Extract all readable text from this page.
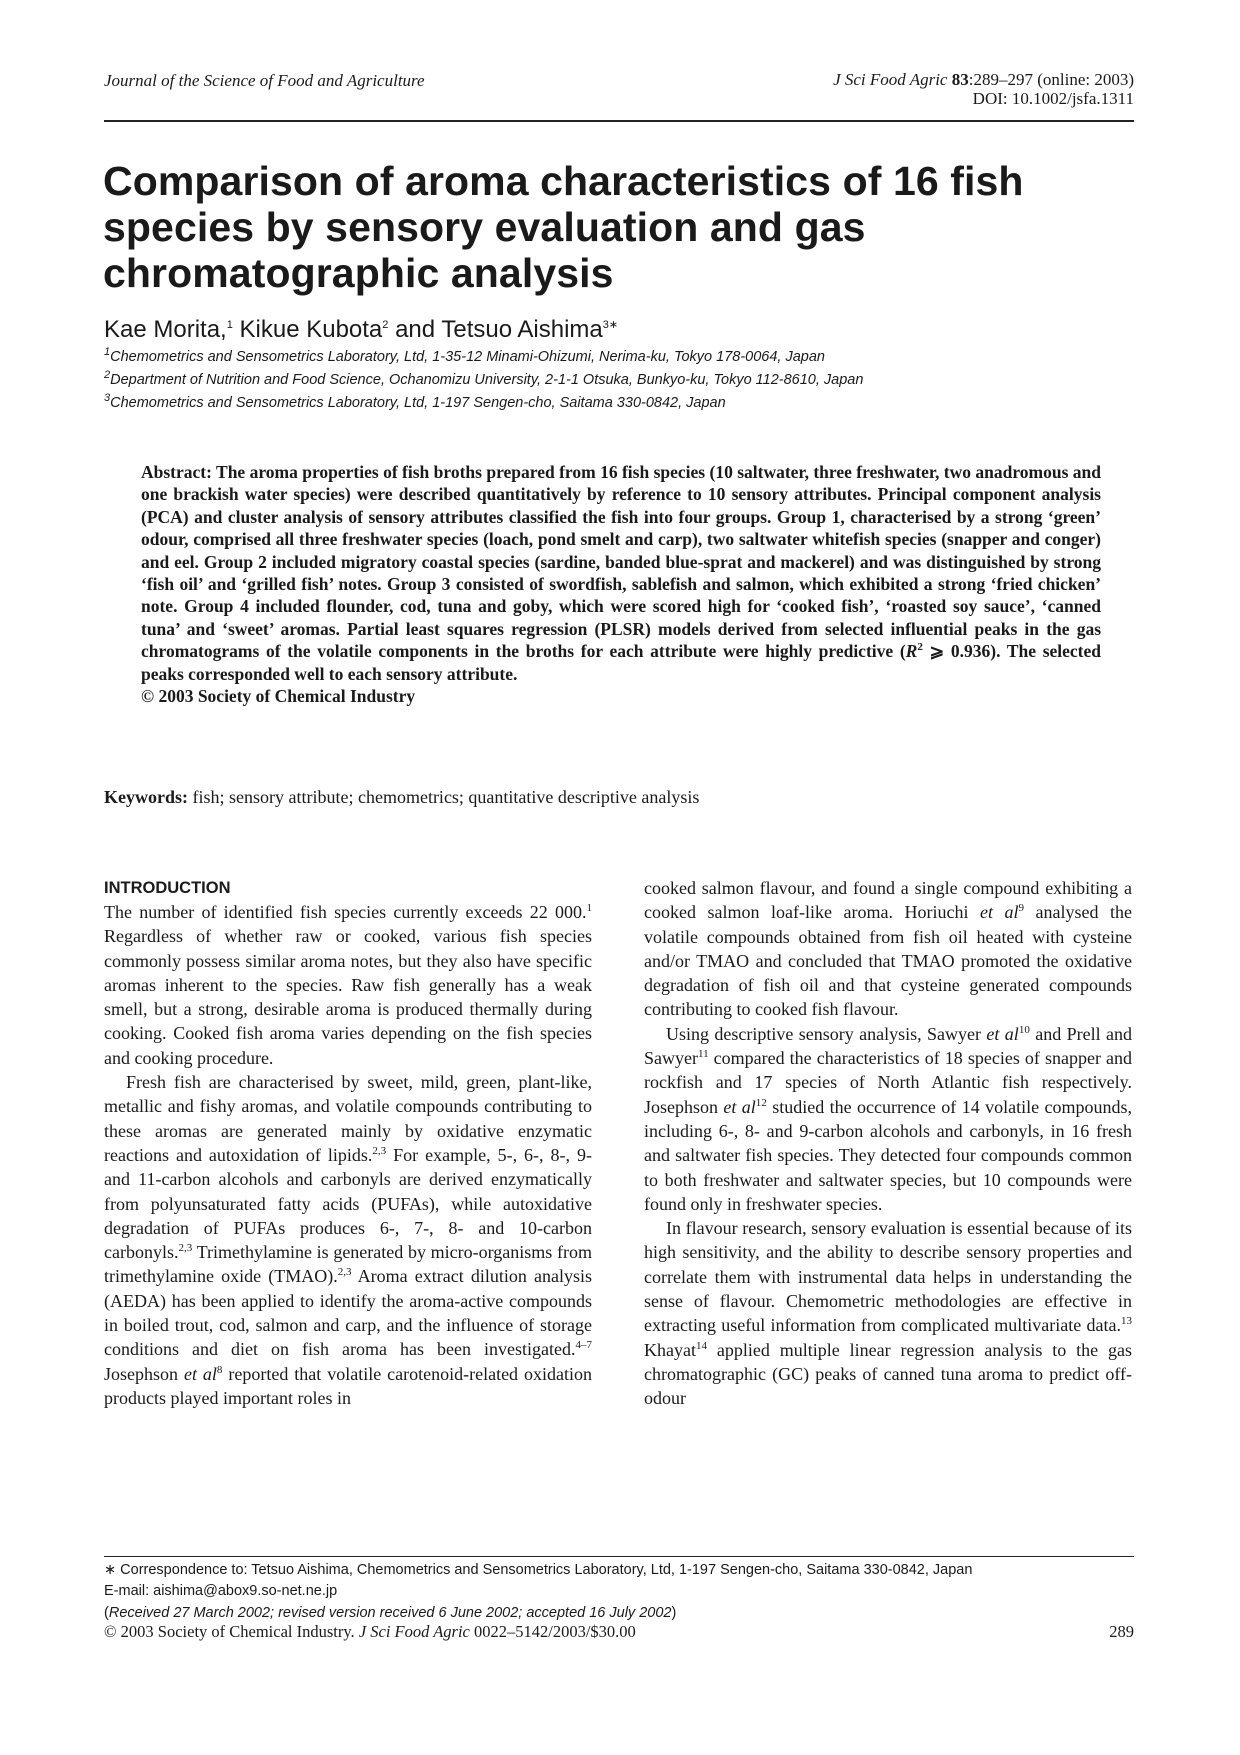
Journal of the Science of Food and Agriculture	J Sci Food Agric 83:289–297 (online: 2003)
DOI: 10.1002/jsfa.1311
Comparison of aroma characteristics of 16 fish species by sensory evaluation and gas chromatographic analysis
Kae Morita,$^1$ Kikue Kubota$^2$ and Tetsuo Aishima$^{3∗}$
$^1$Chemometrics and Sensometrics Laboratory, Ltd, 1-35-12 Minami-Ohizumi, Nerima-ku, Tokyo 178-0064, Japan
$^2$Department of Nutrition and Food Science, Ochanomizu University, 2-1-1 Otsuka, Bunkyo-ku, Tokyo 112-8610, Japan
$^3$Chemometrics and Sensometrics Laboratory, Ltd, 1-197 Sengen-cho, Saitama 330-0842, Japan
Abstract: The aroma properties of fish broths prepared from 16 fish species (10 saltwater, three freshwater, two anadromous and one brackish water species) were described quantitatively by reference to 10 sensory attributes. Principal component analysis (PCA) and cluster analysis of sensory attributes classified the fish into four groups. Group 1, characterised by a strong ‘green’ odour, comprised all three freshwater species (loach, pond smelt and carp), two saltwater whitefish species (snapper and conger) and eel. Group 2 included migratory coastal species (sardine, banded blue-sprat and mackerel) and was distinguished by strong ‘fish oil’ and ‘grilled fish’ notes. Group 3 consisted of swordfish, sablefish and salmon, which exhibited a strong ‘fried chicken’ note. Group 4 included flounder, cod, tuna and goby, which were scored high for ‘cooked fish’, ‘roasted soy sauce’, ‘canned tuna’ and ‘sweet’ aromas. Partial least squares regression (PLSR) models derived from selected influential peaks in the gas chromatograms of the volatile components in the broths for each attribute were highly predictive ($R^2$ ⩾ 0.936). The selected peaks corresponded well to each sensory attribute.
© 2003 Society of Chemical Industry
Keywords: fish; sensory attribute; chemometrics; quantitative descriptive analysis
INTRODUCTION

The number of identified fish species currently exceeds 22 000.$^1$ Regardless of whether raw or cooked, various fish species commonly possess similar aroma notes, but they also have specific aromas inherent to the species. Raw fish generally has a weak smell, but a strong, desirable aroma is produced thermally during cooking. Cooked fish aroma varies depending on the fish species and cooking procedure.

Fresh fish are characterised by sweet, mild, green, plant-like, metallic and fishy aromas, and volatile compounds contributing to these aromas are generated mainly by oxidative enzymatic reactions and autoxidation of lipids.$^{2,3}$ For example, 5-, 6-, 8-, 9- and 11-carbon alcohols and carbonyls are derived enzymatically from polyunsaturated fatty acids (PUFAs), while autoxidative degradation of PUFAs produces 6-, 7-, 8- and 10-carbon carbonyls.$^{2,3}$ Trimethylamine is generated by micro-organisms from trimethylamine oxide (TMAO).$^{2,3}$ Aroma extract dilution analysis (AEDA) has been applied to identify the aroma-active compounds in boiled trout, cod, salmon and carp, and the influence of storage conditions and diet on fish aroma has been investigated.$^{4-7}$ Josephson et $al^8$ reported that volatile carotenoid-related oxidation products played important roles in

cooked salmon flavour, and found a single compound exhibiting a cooked salmon loaf-like aroma. Horiuchi et $al^9$ analysed the volatile compounds obtained from fish oil heated with cysteine and/or TMAO and concluded that TMAO promoted the oxidative degradation of fish oil and that cysteine generated compounds contributing to cooked fish flavour.

Using descriptive sensory analysis, Sawyer et $al^{10}$ and Prell and Sawyer$^{11}$ compared the characteristics of 18 species of snapper and rockfish and 17 species of North Atlantic fish respectively. Josephson et $al^{12}$ studied the occurrence of 14 volatile compounds, including 6-, 8- and 9-carbon alcohols and carbonyls, in 16 fresh and saltwater fish species. They detected four compounds common to both freshwater and saltwater species, but 10 compounds were found only in freshwater species.

In flavour research, sensory evaluation is essential because of its high sensitivity, and the ability to describe sensory properties and correlate them with instrumental data helps in understanding the sense of flavour. Chemometric methodologies are effective in extracting useful information from complicated multivariate data.$^{13}$ Khayat$^{14}$ applied multiple linear regression analysis to the gas chromatographic (GC) peaks of canned tuna aroma to predict off-odour

∗ Correspondence to: Tetsuo Aishima, Chemometrics and Sensometrics Laboratory, Ltd, 1-197 Sengen-cho, Saitama 330-0842, Japan
E-mail: aishima@abox9.so-net.ne.jp
(Received 27 March 2002; revised version received 6 June 2002; accepted 16 July 2002)
© 2003 Society of Chemical Industry. J Sci Food Agric 0022–5142/2003/$30.00	289
